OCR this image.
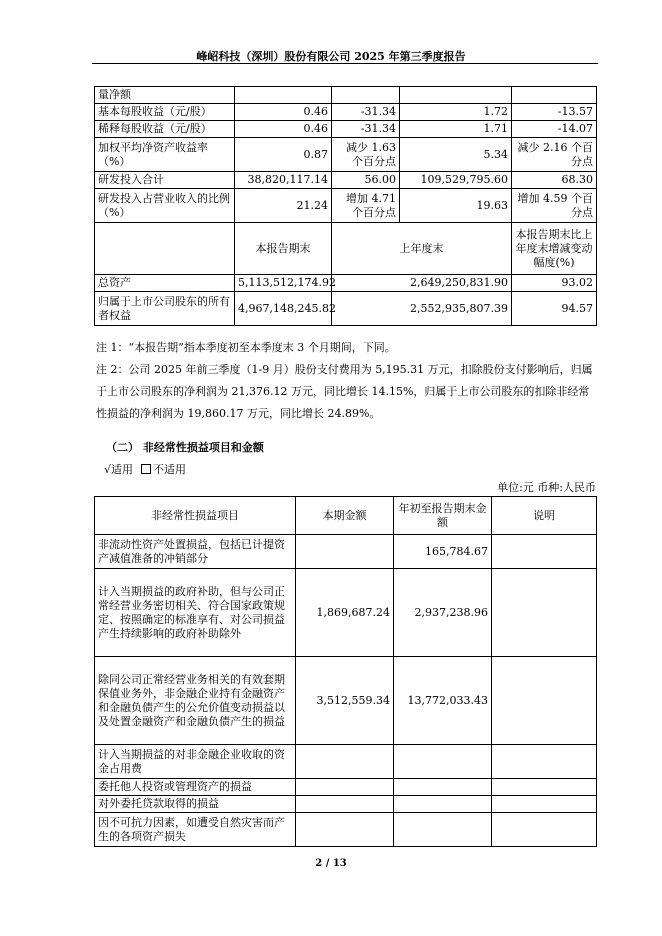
峰岹科技（深圳）股份有限公司 2025 年第三季度报告
量净额				
基本每股收益（元/股）	0.46	-31.34	1.72	-13.57
稀释每股收益（元/股）	0.46	-31.34	1.71	-14.07
加权平均净资产收益率（%）	0.87	减少 1.63 个百分点	5.34	减少 2.16 个百分点
研发投入合计	38,820,117.14	56.00	109,529,795.60	68.30
研发投入占营业收入的比例（%）	21.24	增加 4.71 个百分点	19.63	增加 4.59 个百分点
	本报告期末	上年度末		本报告期末比上年度末增减变动幅度(%)
总资产	5,113,512,174.92	2,649,250,831.90		93.02
归属于上市公司股东的所有者权益	4,967,148,245.82	2,552,935,807.39		94.57
注 1：“本报告期”指本季度初至本季度末 3 个月期间，下同。
注 2：公司 2025 年前三季度（1-9 月）股份支付费用为 5,195.31 万元，扣除股份支付影响后，归属于上市公司股东的净利润为 21,376.12 万元，同比增长 14.15%，归属于上市公司股东的扣除非经常性损益的净利润为 19,860.17 万元，同比增长 24.89%。
（二） 非经常性损益项目和金额
√适用 不适用
单位:元 币种:人民币
非经常性损益项目	本期金额	年初至报告期末金额	说明
非流动性资产处置损益，包括已计提资产减值准备的冲销部分		165,784.67	
计入当期损益的政府补助，但与公司正常经营业务密切相关、符合国家政策规定、按照确定的标准享有、对公司损益产生持续影响的政府补助除外	1,869,687.24	2,937,238.96	
除同公司正常经营业务相关的有效套期保值业务外，非金融企业持有金融资产和金融负债产生的公允价值变动损益以及处置金融资产和金融负债产生的损益	3,512,559.34	13,772,033.43	
计入当期损益的对非金融企业收取的资金占用费			
委托他人投资或管理资产的损益			
对外委托贷款取得的损益			
因不可抗力因素，如遭受自然灾害而产生的各项资产损失			
2 / 13
